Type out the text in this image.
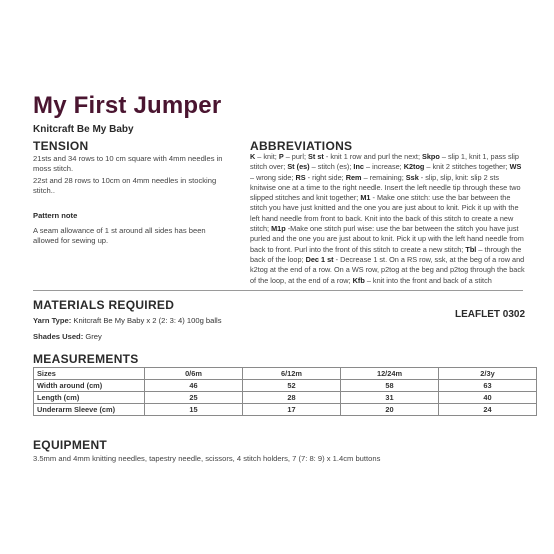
My First Jumper
Knitcraft Be My Baby
TENSION
21sts and 34 rows to 10 cm square with 4mm needles in moss stitch.
22st and 28 rows to 10cm on 4mm needles in stocking stitch..
Pattern note
A seam allowance of 1 st around all sides has been allowed for sewing up.
ABBREVIATIONS
K – knit; P – purl; St st - knit 1 row and purl the next; Skpo – slip 1, knit 1, pass slip stitch over; St (es) – stitch (es); Inc – increase; K2tog – knit 2 stitches together; WS – wrong side; RS - right side; Rem – remaining; Ssk - slip, slip, knit: slip 2 sts knitwise one at a time to the right needle. Insert the left needle tip through these two slipped stitches and knit together; M1 - Make one stitch: use the bar between the stitch you have just knitted and the one you are just about to knit. Pick it up with the left hand needle from front to back. Knit into the back of this stitch to create a new stitch; M1p -Make one stitch purl wise: use the bar between the stitch you have just purled and the one you are just about to knit. Pick it up with the left hand needle from back to front. Purl into the front of this stitch to create a new stitch; Tbl – through the back of the loop; Dec 1 st - Decrease 1 st. On a RS row, ssk, at the beg of a row and k2tog at the end of a row. On a WS row, p2tog at the beg and p2tog through the back of the loop, at the end of a row; Kfb – knit into the front and back of a stitch
MATERIALS REQUIRED
Yarn Type: Knitcraft Be My Baby x 2 (2: 3: 4) 100g balls
Shades Used: Grey
LEAFLET 0302
MEASUREMENTS
Sizes	0/6m	6/12m	12/24m	2/3y
Width around (cm)	46	52	58	63
Length (cm)	25	28	31	40
Underarm Sleeve (cm)	15	17	20	24
EQUIPMENT
3.5mm and 4mm knitting needles, tapestry needle, scissors, 4 stitch holders, 7 (7: 8: 9) x 1.4cm buttons
